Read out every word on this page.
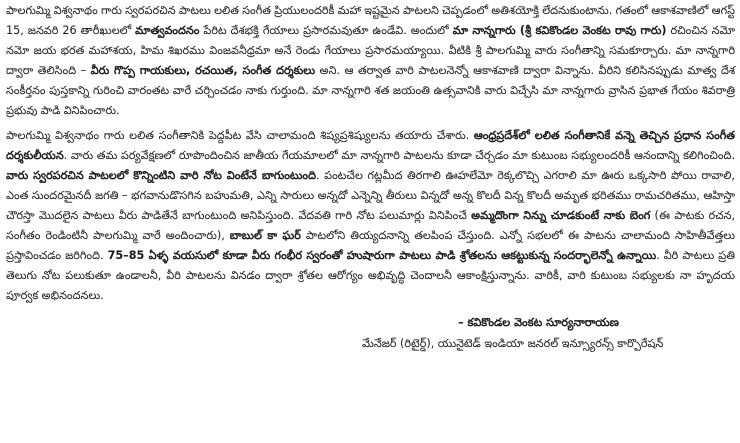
పాలగుమ్మి విశ్వనాథం గారు స్వరపరచిన పాటలు లలిత సంగీత ప్రియులందరికీ మహా ఇష్టమైన పాటలని చెప్పడంలో అతిశయోక్తి లేదనుకుంటాను. గతంలో ఆకాశవాణిలో ఆగస్ట్ 15, జనవరి 26 తారీఖులలో మాత్వవందనం పేరిట దేశభక్తి గేయాలు ప్రసారమవుతూ ఉండేవి. అందులో మా నాన్నగారు (శ్రీ కవికొండల వెంకట రావు గారు) రచించిన నమో నమో జయ భరత మహాశయ, హిమ శిఖరము వింజవనీధ్రమా అనే రెండు గేయాలు ప్రసారమయ్యాయి. వీటికి శ్రీ పాలగుమ్మి వారు సంగీతాన్ని సమకూర్చారు. మా నాన్నగారి ద్వారా తెలిసింది – వీరు గొప్ప గాయకులు, రచయిత, సంగీత దర్శకులు అని. ఆ తర్వాత వారి పాటలనెన్నో ఆకాశవాణి ద్వారా విన్నాను. వీరిని కలిసినప్పుడు మాత్వ దేశ సంకీర్తనం పుస్తకాన్ని గురించి వారంతట వారే చర్చించడం నాకు గుర్తుంది. మా నాన్నగారి శత జయంతి ఉత్సవానికి వారు విచ్చేసి మా నాన్నగారు వ్రాసిన ప్రభాత గేయం శివరాత్రి ప్రభువు పాడి వినిపించారు.

పాలగుమ్మి విశ్వనాథం గారు లలిత సంగీతానికి పెద్దపీట వేసి చాలామంది శిష్యప్రశిష్యులను తయారు చేశారు. ఆంధ్రప్రదేశ్‌లో లలిత సంగీతానికే వన్నె తెచ్చిన ప్రధాన సంగీత దర్శకులీయన. వారు తమ పర్యవేక్షణలో రూపొందించిన జాతీయ గేయమాలలో మా నాన్నగారి పాటలను కూడా చేర్చడం మా కుటుంబ సభ్యులందరికీ ఆనందాన్ని కలిగించింది. వారు స్వరపరచిన పాటలలో కొన్నింటిని వారి నోట వింటేనే బాగుంటుంది. పంటచేల గట్లమీద తిరగాలి ఊహలేమో రెక్కలొచ్చి ఎగరాలి మా ఊరు ఒక్కసారి పోయి రావాలి, ఎంత సుందరమైనదీ జగతి – భగవానుడొసగిన బహుమతి, ఎన్ని సారులు అన్నదో ఎన్నెన్ని తీరులు విన్నదో అన్న కొలదీ విన్న కొలదీ అమృత భరితము రామచరితము, ఆహిస్తా చౌరస్తా మొదలైన పాటలు వీరు పాడితేనే బాగుంటుంది అనిపిస్తుంది. వేదవతి గారి నోట పలుమార్లు వినిపించే అమ్మదొంగా నిన్ను చూడకుంటే నాకు బెంగ (ఈ పాటకు రచన, సంగీతం రెండింటినీ పాలగుమ్మి వారే అందించారు), బాబుల్ కా ఘర్ పాటలోని తియ్యదనాన్ని తలపింప చేస్తుంది. ఎన్నో సభలలో ఈ పాటను చాలామంది సాహితీవేత్తలు ప్రస్తావించడం జరిగింది. 75–85 ఏళ్ళ వయసులో కూడా వీరు గంభీర స్వరంతో హుషారుగా పాటలు పాడి శ్రోతలను ఆకట్టుకున్న సందర్భాలెన్నో ఉన్నాయి. వీరి పాటలు ప్రతి తెలుగు నోట పలుకుతూ ఉండాలనీ, వీరి పాటలను వినడం ద్వారా శ్రోతల ఆరోగ్యం అభివృద్ధి చెందాలనీ ఆకాంక్షిస్తున్నాను. వారికీ, వారి కుటుంబ సభ్యులకు నా హృదయ పూర్వక అభినందనలు.

– కవికొండల వెంకట సూర్యనారాయణ
మేనేజర్ (రిటైర్డ్), యునైటెడ్ ఇండియా జనరల్ ఇన్స్యూరన్స్ కార్పొరేషన్
